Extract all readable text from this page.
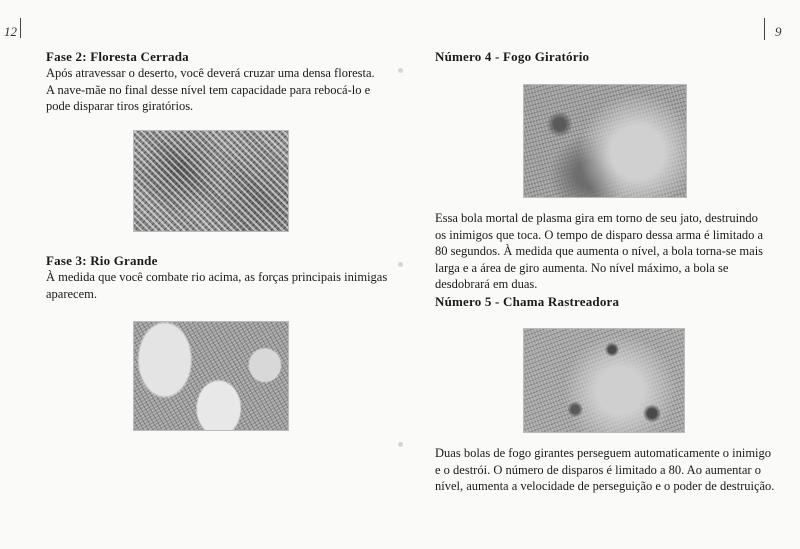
12
Fase 2: Floresta Cerrada
Após atravessar o deserto, você deverá cruzar uma densa floresta.
A nave-mãe no final desse nível tem capacidade para rebocá-lo e
pode disparar tiros giratórios.
Fase 3: Rio Grande
À medida que você combate rio acima, as forças principais inimigas
aparecem.
9
Número 4 - Fogo Giratório
Essa bola mortal de plasma gira em torno de seu jato, destruindo
os inimigos que toca. O tempo de disparo dessa arma é limitado a
80 segundos. À medida que aumenta o nível, a bola torna-se mais
larga e a área de giro aumenta. No nível máximo, a bola se
desdobrará em duas.
Número 5 - Chama Rastreadora
Duas bolas de fogo girantes perseguem automaticamente o inimigo
e o destrói. O número de disparos é limitado a 80. Ao aumentar o
nível, aumenta a velocidade de perseguição e o poder de destruição.
